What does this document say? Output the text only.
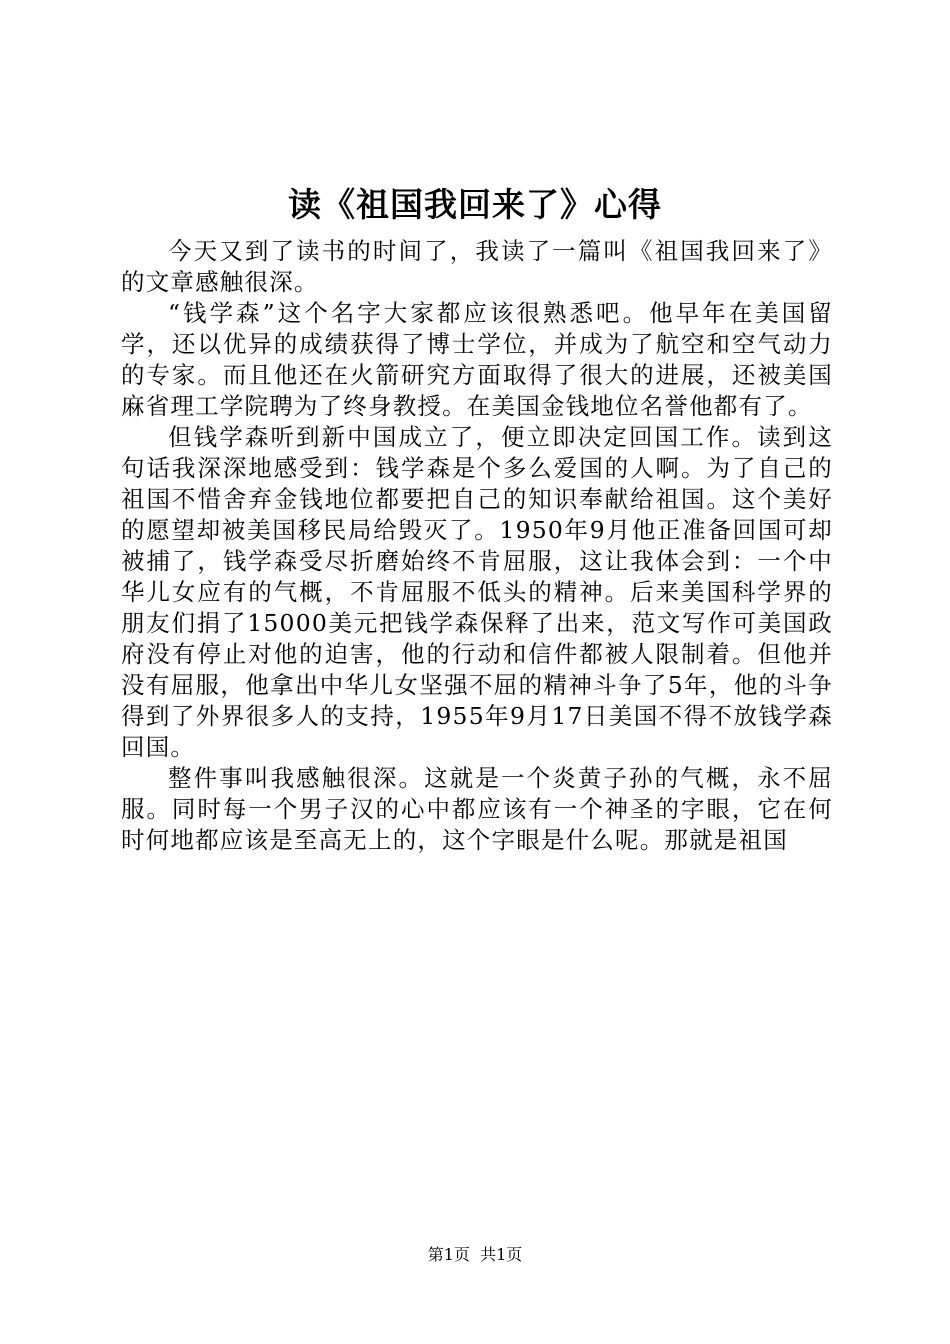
读《祖国我回来了》心得

今天又到了读书的时间了，我读了一篇叫《祖国我回来了》的文章感触很深。

“钱学森”这个名字大家都应该很熟悉吧。他早年在美国留学，还以优异的成绩获得了博士学位，并成为了航空和空气动力的专家。而且他还在火箭研究方面取得了很大的进展，还被美国麻省理工学院聘为了终身教授。在美国金钱地位名誉他都有了。

但钱学森听到新中国成立了，便立即决定回国工作。读到这句话我深深地感受到：钱学森是个多么爱国的人啊。为了自己的祖国不惜舍弃金钱地位都要把自己的知识奉献给祖国。这个美好的愿望却被美国移民局给毁灭了。1950年9月他正准备回国可却被捕了，钱学森受尽折磨始终不肯屈服，这让我体会到：一个中华儿女应有的气概，不肯屈服不低头的精神。后来美国科学界的朋友们捐了15000美元把钱学森保释了出来，范文写作可美国政府没有停止对他的迫害，他的行动和信件都被人限制着。但他并没有屈服，他拿出中华儿女坚强不屈的精神斗争了5年，他的斗争得到了外界很多人的支持，1955年9月17日美国不得不放钱学森回国。

整件事叫我感触很深。这就是一个炎黄子孙的气概，永不屈服。同时每一个男子汉的心中都应该有一个神圣的字眼，它在何时何地都应该是至高无上的，这个字眼是什么呢。那就是祖国

第1页  共1页
